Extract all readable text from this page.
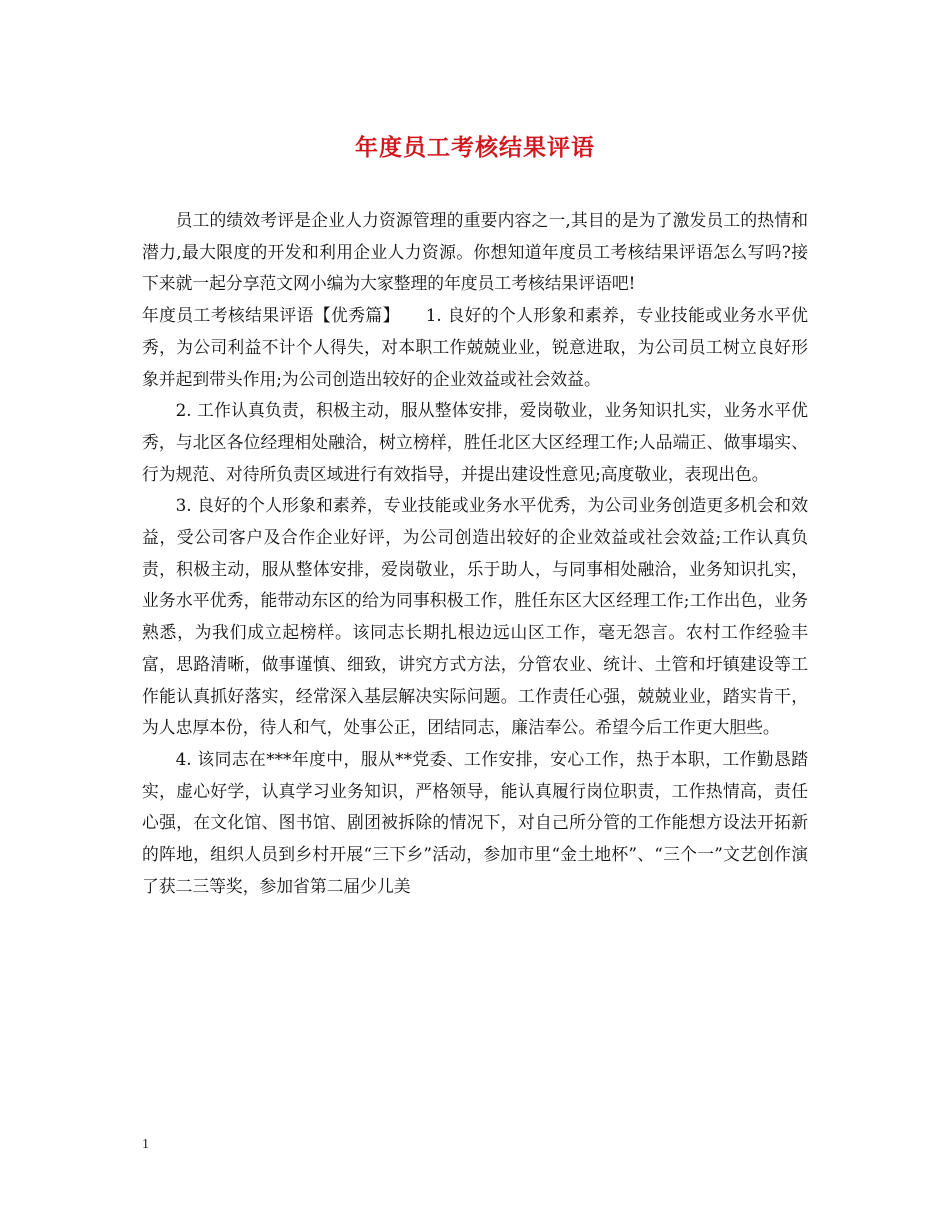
年度员工考核结果评语

员工的绩效考评是企业人力资源管理的重要内容之一,其目的是为了激发员工的热情和潜力,最大限度的开发和利用企业人力资源。你想知道年度员工考核结果评语怎么写吗?接下来就一起分享范文网小编为大家整理的年度员工考核结果评语吧!

年度员工考核结果评语【优秀篇】　　1. 良好的个人形象和素养，专业技能或业务水平优秀，为公司利益不计个人得失，对本职工作兢兢业业，锐意进取，为公司员工树立良好形象并起到带头作用;为公司创造出较好的企业效益或社会效益。

2. 工作认真负责，积极主动，服从整体安排，爱岗敬业，业务知识扎实，业务水平优秀，与北区各位经理相处融洽，树立榜样，胜任北区大区经理工作;人品端正、做事塌实、行为规范、对待所负责区域进行有效指导，并提出建设性意见;高度敬业，表现出色。

3. 良好的个人形象和素养，专业技能或业务水平优秀，为公司业务创造更多机会和效益，受公司客户及合作企业好评，为公司创造出较好的企业效益或社会效益;工作认真负责，积极主动，服从整体安排，爱岗敬业，乐于助人，与同事相处融洽，业务知识扎实，业务水平优秀，能带动东区的给为同事积极工作，胜任东区大区经理工作;工作出色，业务熟悉，为我们成立起榜样。该同志长期扎根边远山区工作，毫无怨言。农村工作经验丰富，思路清晰，做事谨慎、细致，讲究方式方法，分管农业、统计、土管和圩镇建设等工作能认真抓好落实，经常深入基层解决实际问题。工作责任心强，兢兢业业，踏实肯干，为人忠厚本份，待人和气，处事公正，团结同志，廉洁奉公。希望今后工作更大胆些。

4. 该同志在***年度中，服从**党委、工作安排，安心工作，热于本职，工作勤恳踏实，虚心好学，认真学习业务知识，严格领导，能认真履行岗位职责，工作热情高，责任心强，在文化馆、图书馆、剧团被拆除的情况下，对自己所分管的工作能想方设法开拓新的阵地，组织人员到乡村开展“三下乡”活动，参加市里“金土地杯”、“三个一”文艺创作演了获二三等奖，参加省第二届少儿美

1
